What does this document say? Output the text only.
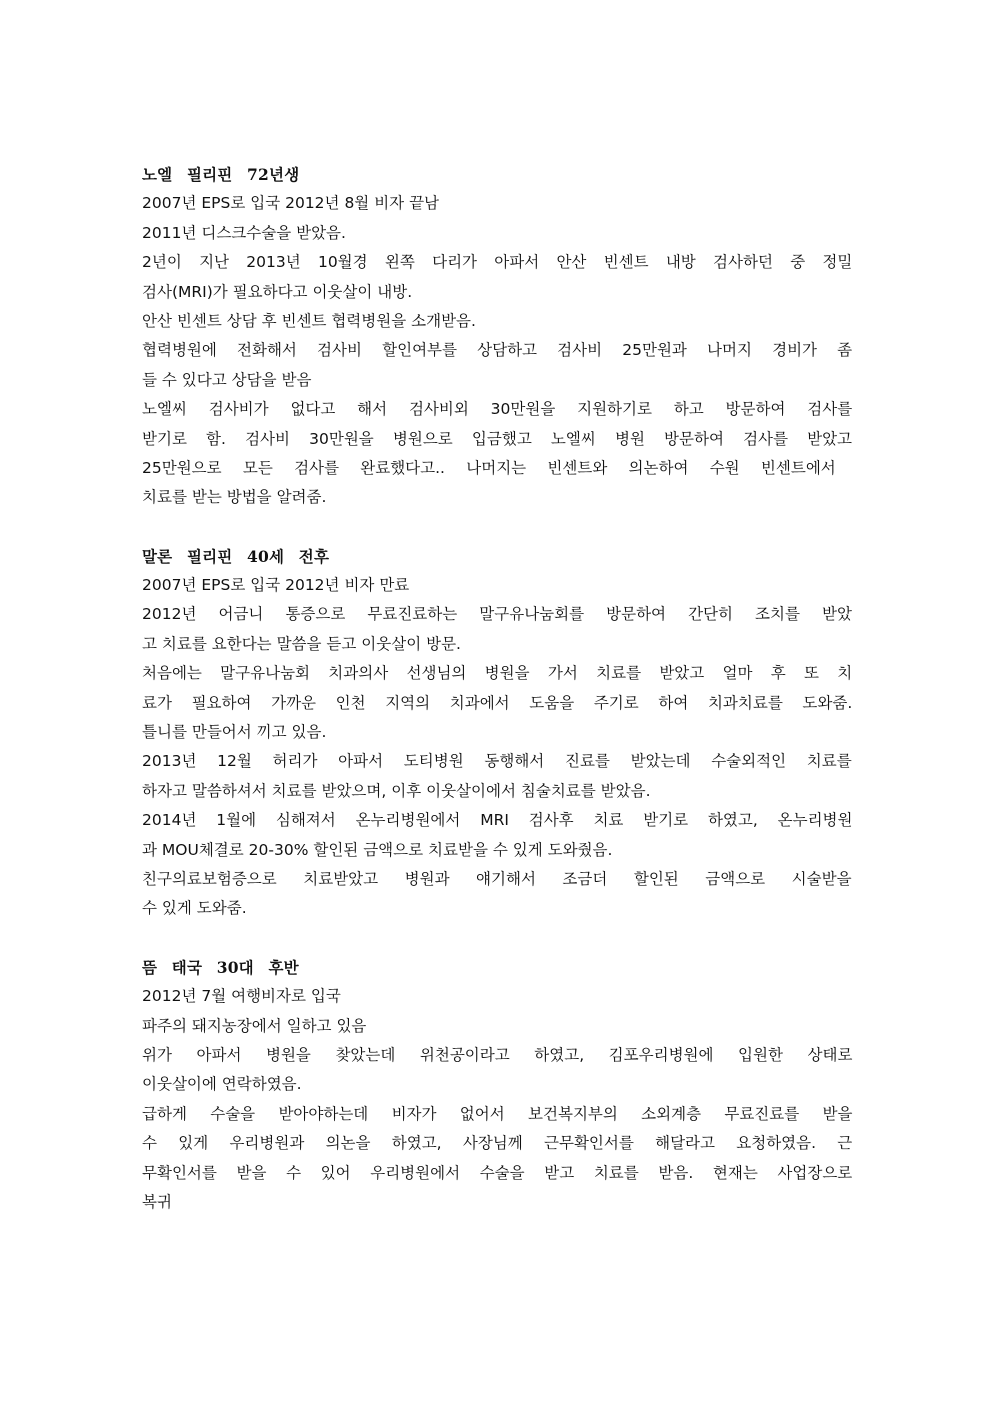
노엘 필리핀 72년생
2007년 EPS로 입국 2012년 8월 비자 끝남
2011년 디스크수술을 받았음.
2년이 지난 2013년 10월경 왼쪽 다리가 아파서 안산 빈센트 내방 검사하던 중 정밀
검사(MRI)가 필요하다고 이웃살이 내방.
안산 빈센트 상담 후 빈센트 협력병원을 소개받음.
협력병원에 전화해서 검사비 할인여부를 상담하고 검사비 25만원과 나머지 경비가 좀
들 수 있다고 상담을 받음
노엘씨 검사비가 없다고 해서 검사비외 30만원을 지원하기로 하고 방문하여 검사를
받기로 함. 검사비 30만원을 병원으로 입금했고 노엘씨 병원 방문하여 검사를 받았고
25만원으로 모든 검사를 완료했다고.. 나머지는 빈센트와 의논하여 수원 빈센트에서
치료를 받는 방법을 알려줌.
말론 필리핀 40세 전후
2007년 EPS로 입국 2012년 비자 만료
2012년 어금니 통증으로 무료진료하는 말구유나눔회를 방문하여 간단히 조치를 받았
고 치료를 요한다는 말씀을 듣고 이웃살이 방문.
처음에는 말구유나눔회 치과의사 선생님의 병원을 가서 치료를 받았고 얼마 후 또 치
료가 필요하여 가까운 인천 지역의 치과에서 도움을 주기로 하여 치과치료를 도와줌.
틀니를 만들어서 끼고 있음.
2013년 12월 허리가 아파서 도티병원 동행해서 진료를 받았는데 수술외적인 치료를
하자고 말씀하셔서 치료를 받았으며, 이후 이웃살이에서 침술치료를 받았음.
2014년 1월에 심해져서 온누리병원에서 MRI 검사후 치료 받기로 하였고, 온누리병원
과 MOU체결로 20-30% 할인된 금액으로 치료받을 수 있게 도와줬음.
친구의료보험증으로 치료받았고 병원과 얘기해서 조금더 할인된 금액으로 시술받을
수 있게 도와줌.
뜸 태국 30대 후반
2012년 7월 여행비자로 입국
파주의 돼지농장에서 일하고 있음
위가 아파서 병원을 찾았는데 위천공이라고 하였고, 김포우리병원에 입원한 상태로
이웃살이에 연락하였음.
급하게 수술을 받아야하는데 비자가 없어서 보건복지부의 소외계층 무료진료를 받을
수 있게 우리병원과 의논을 하였고, 사장님께 근무확인서를 해달라고 요청하였음. 근
무확인서를 받을 수 있어 우리병원에서 수술을 받고 치료를 받음. 현재는 사업장으로
복귀
